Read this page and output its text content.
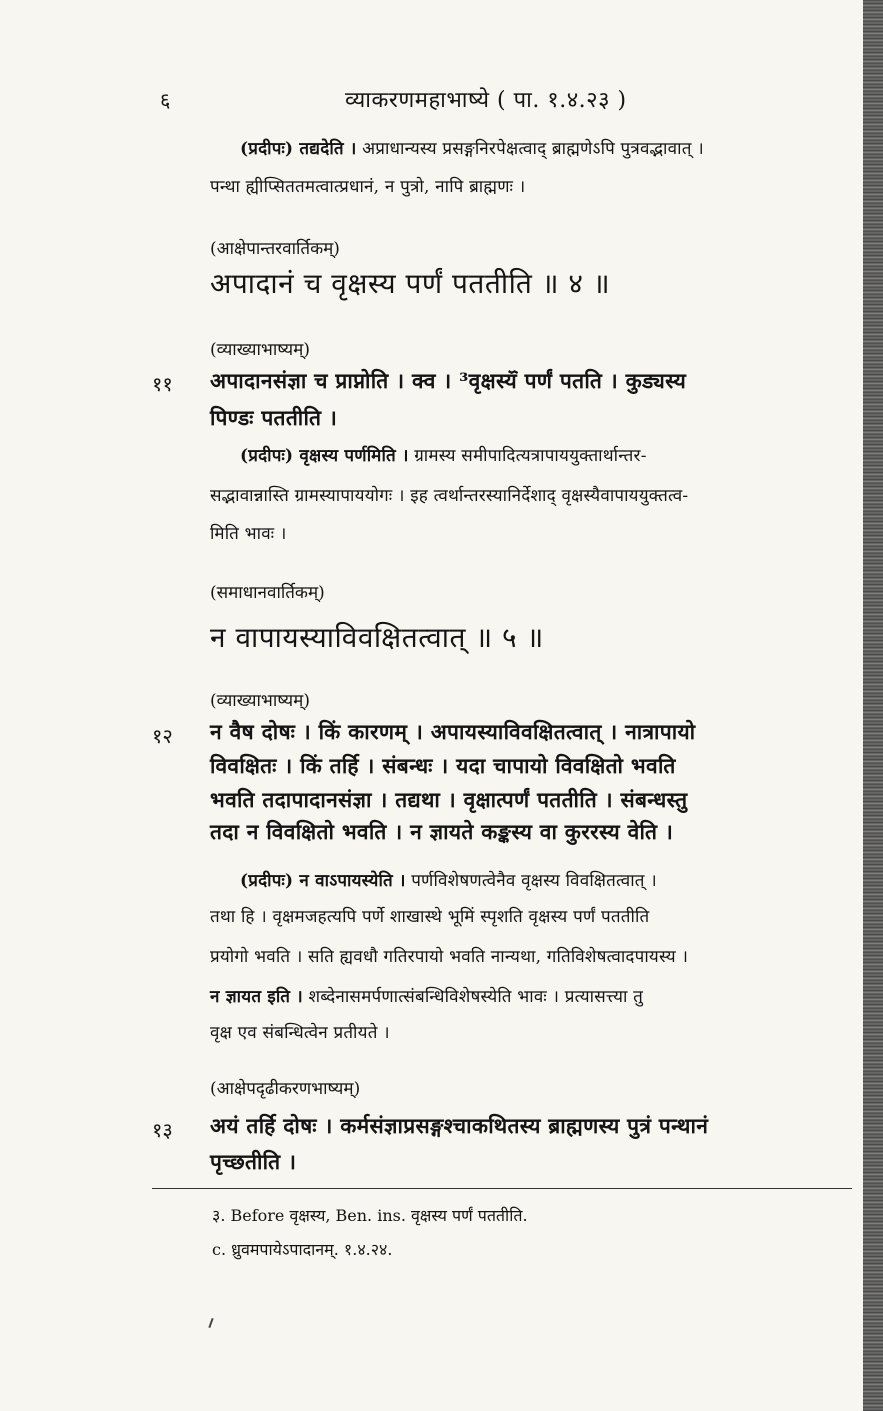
६	व्याकरणमहाभाष्ये ( पा. १.४.२३ )
(प्रदीपः) तद्यदेति । अप्राधान्यस्य प्रसङ्गनिरपेक्षत्वाद् ब्राह्मणेऽपि पुत्रवद्भावात् ।
पन्था ह्यीप्सिततमत्वात्प्रधानं, न पुत्रो, नापि ब्राह्मणः ।
(आक्षेपान्तरवार्तिकम्)
अपादानं च वृक्षस्य पर्णं पततीति ॥ ४ ॥
(व्याख्याभाष्यम्)
११ अपादानसंज्ञा च प्राप्नोति । क्व । ³वृक्षस्य᷈ पर्णं पतति । कुड्यस्य
पिण्डः पततीति ।
(प्रदीपः) वृक्षस्य पर्णमिति । ग्रामस्य समीपादित्यत्रापाययुक्तार्थान्तर-
सद्भावान्नास्ति ग्रामस्यापाययोगः । इह त्वर्थान्तरस्यानिर्देशाद् वृक्षस्यैवापाययुक्तत्व-
मिति भावः ।
(समाधानवार्तिकम्)
न वापायस्याविवक्षितत्वात् ॥ ५ ॥
(व्याख्याभाष्यम्)
१२ न वैष दोषः । किं कारणम् । अपायस्याविवक्षितत्वात् । नात्रापायो
विवक्षितः । किं तर्हि । संबन्धः । यदा चापायो विवक्षितो भवति
भवति तदापादानसंज्ञा । तद्यथा । वृक्षात्पर्णं पततीति । संबन्धस्तु
तदा न विवक्षितो भवति । न ज्ञायते कङ्कस्य वा कुररस्य वेति ।
(प्रदीपः) न वाऽपायस्येति । पर्णविशेषणत्वेनैव वृक्षस्य विवक्षितत्वात् ।
तथा हि । वृक्षमजहत्यपि पर्णे शाखास्थे भूमिं स्पृशति वृक्षस्य पर्णं पततीति
प्रयोगो भवति । सति ह्यवधौ गतिरपायो भवति नान्यथा, गतिविशेषत्वादपायस्य ।
न ज्ञायत इति । शब्देनासमर्पणात्संबन्धिविशेषस्येति भावः । प्रत्यासत्त्या तु
वृक्ष एव संबन्धित्वेन प्रतीयते ।
(आक्षेपदृढीकरणभाष्यम्)
१३ अयं तर्हि दोषः । कर्मसंज्ञाप्रसङ्गश्चाकथितस्य ब्राह्मणस्य पुत्रं पन्थानं
पृच्छतीति ।
३. Before वृक्षस्य, Ben. ins. वृक्षस्य पर्णं पततीति.
c. ध्रुवमपायेऽपादानम्. १.४.२४.
